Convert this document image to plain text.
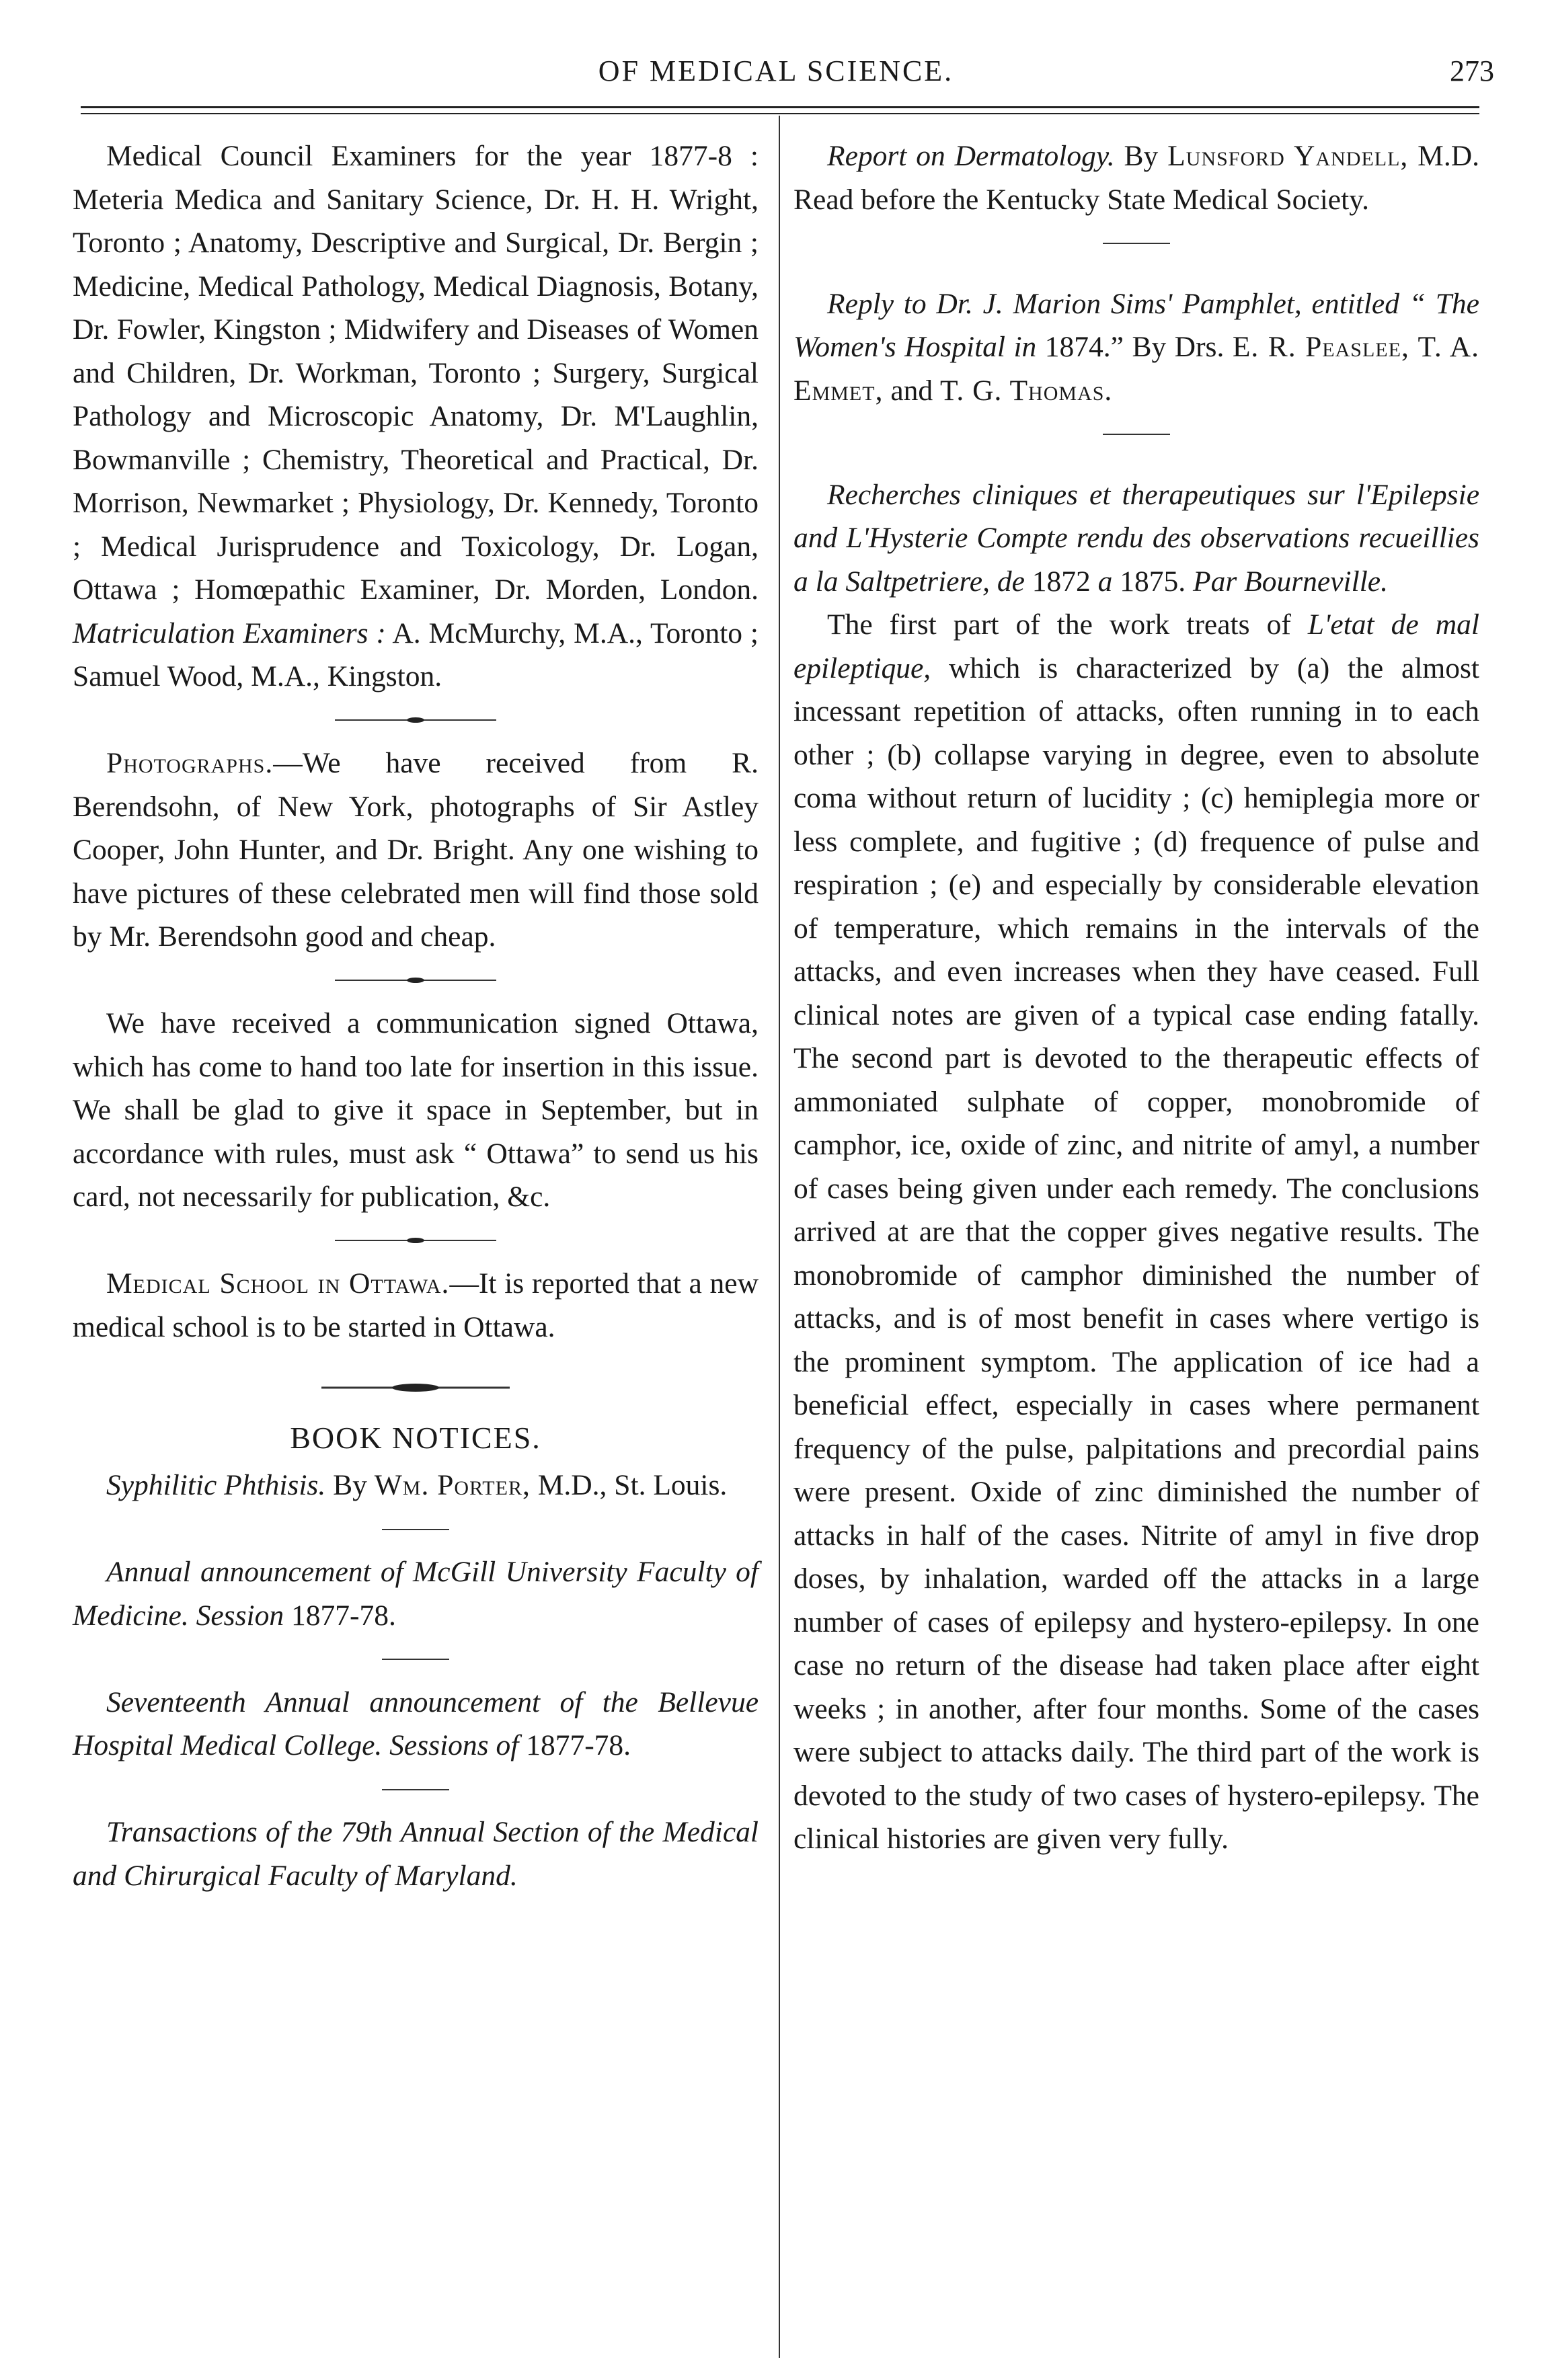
OF MEDICAL SCIENCE.	273

Medical Council Examiners for the year 1877-8 : Meteria Medica and Sanitary Science, Dr. H. H. Wright, Toronto ; Anatomy, Descriptive and Surgical, Dr. Bergin ; Medicine, Medical Pathology, Medical Diagnosis, Botany, Dr. Fowler, Kingston ; Midwifery and Diseases of Women and Children, Dr. Workman, Toronto ; Surgery, Surgical Pathology and Microscopic Anatomy, Dr. M'Laughlin, Bowmanville ; Chemistry, Theoretical and Practical, Dr. Morrison, Newmarket ; Physiology, Dr. Kennedy, Toronto ; Medical Jurisprudence and Toxicology, Dr. Logan, Ottawa ; Homœpathic Examiner, Dr. Morden, London. Matriculation Examiners : A. McMurchy, M.A., Toronto ; Samuel Wood, M.A., Kingston.

Photographs.—We have received from R. Berendsohn, of New York, photographs of Sir Astley Cooper, John Hunter, and Dr. Bright. Any one wishing to have pictures of these celebrated men will find those sold by Mr. Berendsohn good and cheap.

We have received a communication signed Ottawa, which has come to hand too late for insertion in this issue. We shall be glad to give it space in September, but in accordance with rules, must ask “ Ottawa” to send us his card, not necessarily for publication, &c.

Medical School in Ottawa.—It is reported that a new medical school is to be started in Ottawa.

BOOK NOTICES.

Syphilitic Phthisis. By Wm. Porter, M.D., St. Louis.

Annual announcement of McGill University Faculty of Medicine. Session 1877-78.

Seventeenth Annual announcement of the Bellevue Hospital Medical College. Sessions of 1877-78.

Transactions of the 79th Annual Section of the Medical and Chirurgical Faculty of Maryland.

Report on Dermatology. By Lunsford Yandell, M.D. Read before the Kentucky State Medical Society.

Reply to Dr. J. Marion Sims' Pamphlet, entitled “ The Women's Hospital in 1874.” By Drs. E. R. Peaslee, T. A. Emmet, and T. G. Thomas.

Recherches cliniques et therapeutiques sur l'Epilepsie and L'Hysterie Compte rendu des observations recueillies a la Saltpetriere, de 1872 a 1875. Par Bourneville.

The first part of the work treats of L'etat de mal epileptique, which is characterized by (a) the almost incessant repetition of attacks, often running in to each other ; (b) collapse varying in degree, even to absolute coma without return of lucidity ; (c) hemiplegia more or less complete, and fugitive ; (d) frequence of pulse and respiration ; (e) and especially by considerable elevation of temperature, which remains in the intervals of the attacks, and even increases when they have ceased. Full clinical notes are given of a typical case ending fatally. The second part is devoted to the therapeutic effects of ammoniated sulphate of copper, monobromide of camphor, ice, oxide of zinc, and nitrite of amyl, a number of cases being given under each remedy. The conclusions arrived at are that the copper gives negative results. The monobromide of camphor diminished the number of attacks, and is of most benefit in cases where vertigo is the prominent symptom. The application of ice had a beneficial effect, especially in cases where permanent frequency of the pulse, palpitations and precordial pains were present. Oxide of zinc diminished the number of attacks in half of the cases. Nitrite of amyl in five drop doses, by inhalation, warded off the attacks in a large number of cases of epilepsy and hystero-epilepsy. In one case no return of the disease had taken place after eight weeks ; in another, after four months. Some of the cases were subject to attacks daily. The third part of the work is devoted to the study of two cases of hystero-epilepsy. The clinical histories are given very fully.
